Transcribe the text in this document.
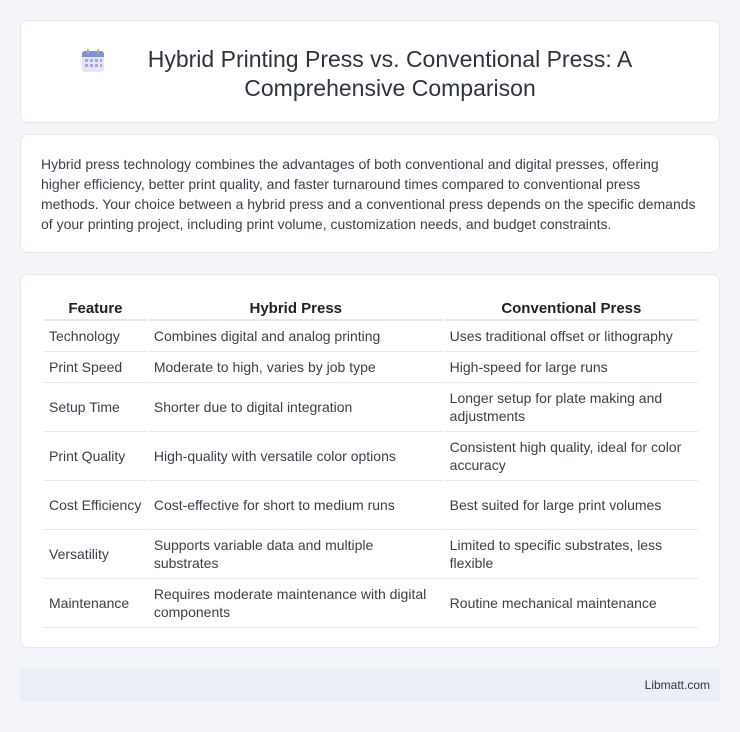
Hybrid Printing Press vs. Conventional Press: A Comprehensive Comparison

Hybrid press technology combines the advantages of both conventional and digital presses, offering higher efficiency, better print quality, and faster turnaround times compared to conventional press methods. Your choice between a hybrid press and a conventional press depends on the specific demands of your printing project, including print volume, customization needs, and budget constraints.

Feature	Hybrid Press	Conventional Press
Technology	Combines digital and analog printing	Uses traditional offset or lithography
Print Speed	Moderate to high, varies by job type	High-speed for large runs
Setup Time	Shorter due to digital integration	Longer setup for plate making and adjustments
Print Quality	High-quality with versatile color options	Consistent high quality, ideal for color accuracy
Cost Efficiency	Cost-effective for short to medium runs	Best suited for large print volumes
Versatility	Supports variable data and multiple substrates	Limited to specific substrates, less flexible
Maintenance	Requires moderate maintenance with digital components	Routine mechanical maintenance
Libmatt.com
